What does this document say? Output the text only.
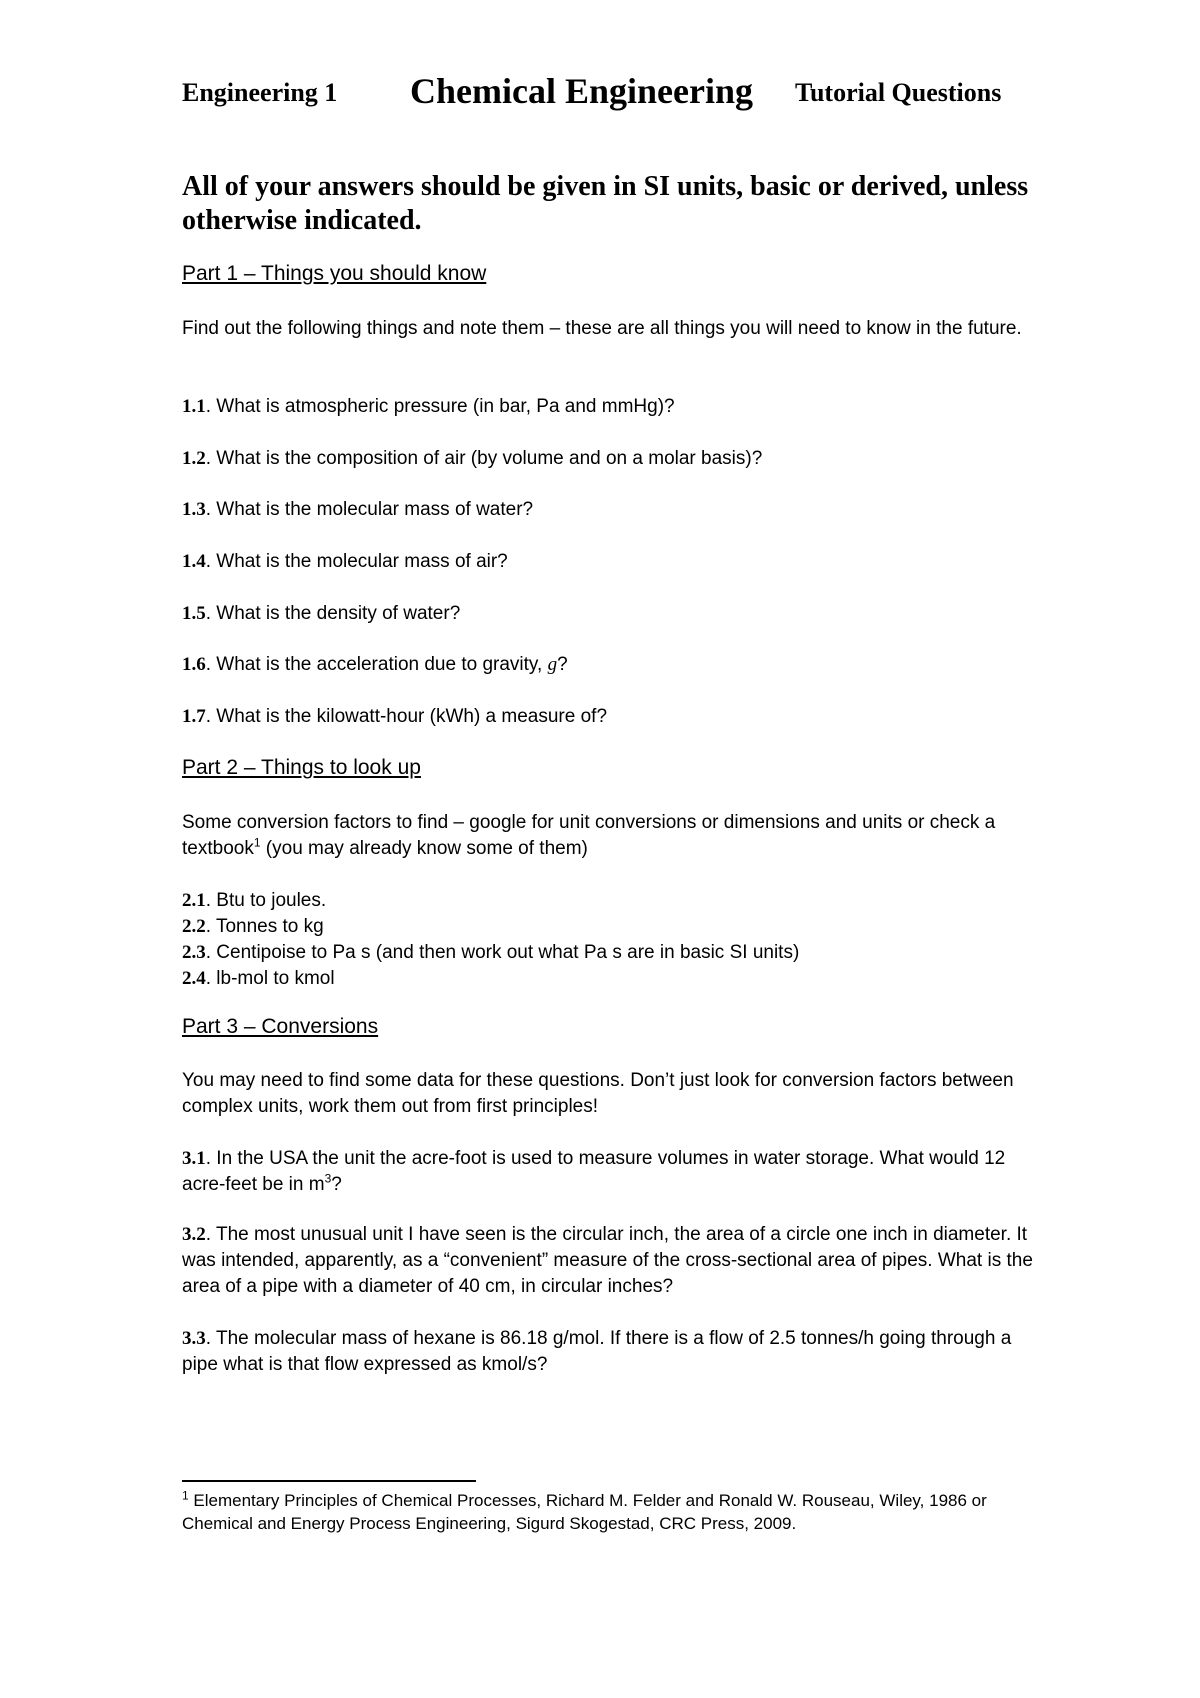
Engineering 1 Chemical Engineering Tutorial Questions
All of your answers should be given in SI units, basic or derived, unless otherwise indicated.
Part 1 – Things you should know
Find out the following things and note them – these are all things you will need to know in the future.
1.1. What is atmospheric pressure (in bar, Pa and mmHg)?
1.2. What is the composition of air (by volume and on a molar basis)?
1.3. What is the molecular mass of water?
1.4. What is the molecular mass of air?
1.5. What is the density of water?
1.6. What is the acceleration due to gravity, g?
1.7. What is the kilowatt-hour (kWh) a measure of?
Part 2 – Things to look up
Some conversion factors to find – google for unit conversions or dimensions and units or check a textbook$^1$ (you may already know some of them)
2.1. Btu to joules.
2.2. Tonnes to kg
2.3. Centipoise to Pa s (and then work out what Pa s are in basic SI units)
2.4. lb-mol to kmol
Part 3 – Conversions
You may need to find some data for these questions. Don’t just look for conversion factors between complex units, work them out from first principles!
3.1. In the USA the unit the acre-foot is used to measure volumes in water storage. What would 12 acre-feet be in $m^3$?
3.2. The most unusual unit I have seen is the circular inch, the area of a circle one inch in diameter. It was intended, apparently, as a “convenient” measure of the cross-sectional area of pipes. What is the area of a pipe with a diameter of 40 cm, in circular inches?
3.3. The molecular mass of hexane is 86.18 g/mol. If there is a flow of 2.5 tonnes/h going through a pipe what is that flow expressed as kmol/s?
$^1$ Elementary Principles of Chemical Processes, Richard M. Felder and Ronald W. Rouseau, Wiley, 1986 or
Chemical and Energy Process Engineering, Sigurd Skogestad, CRC Press, 2009.
